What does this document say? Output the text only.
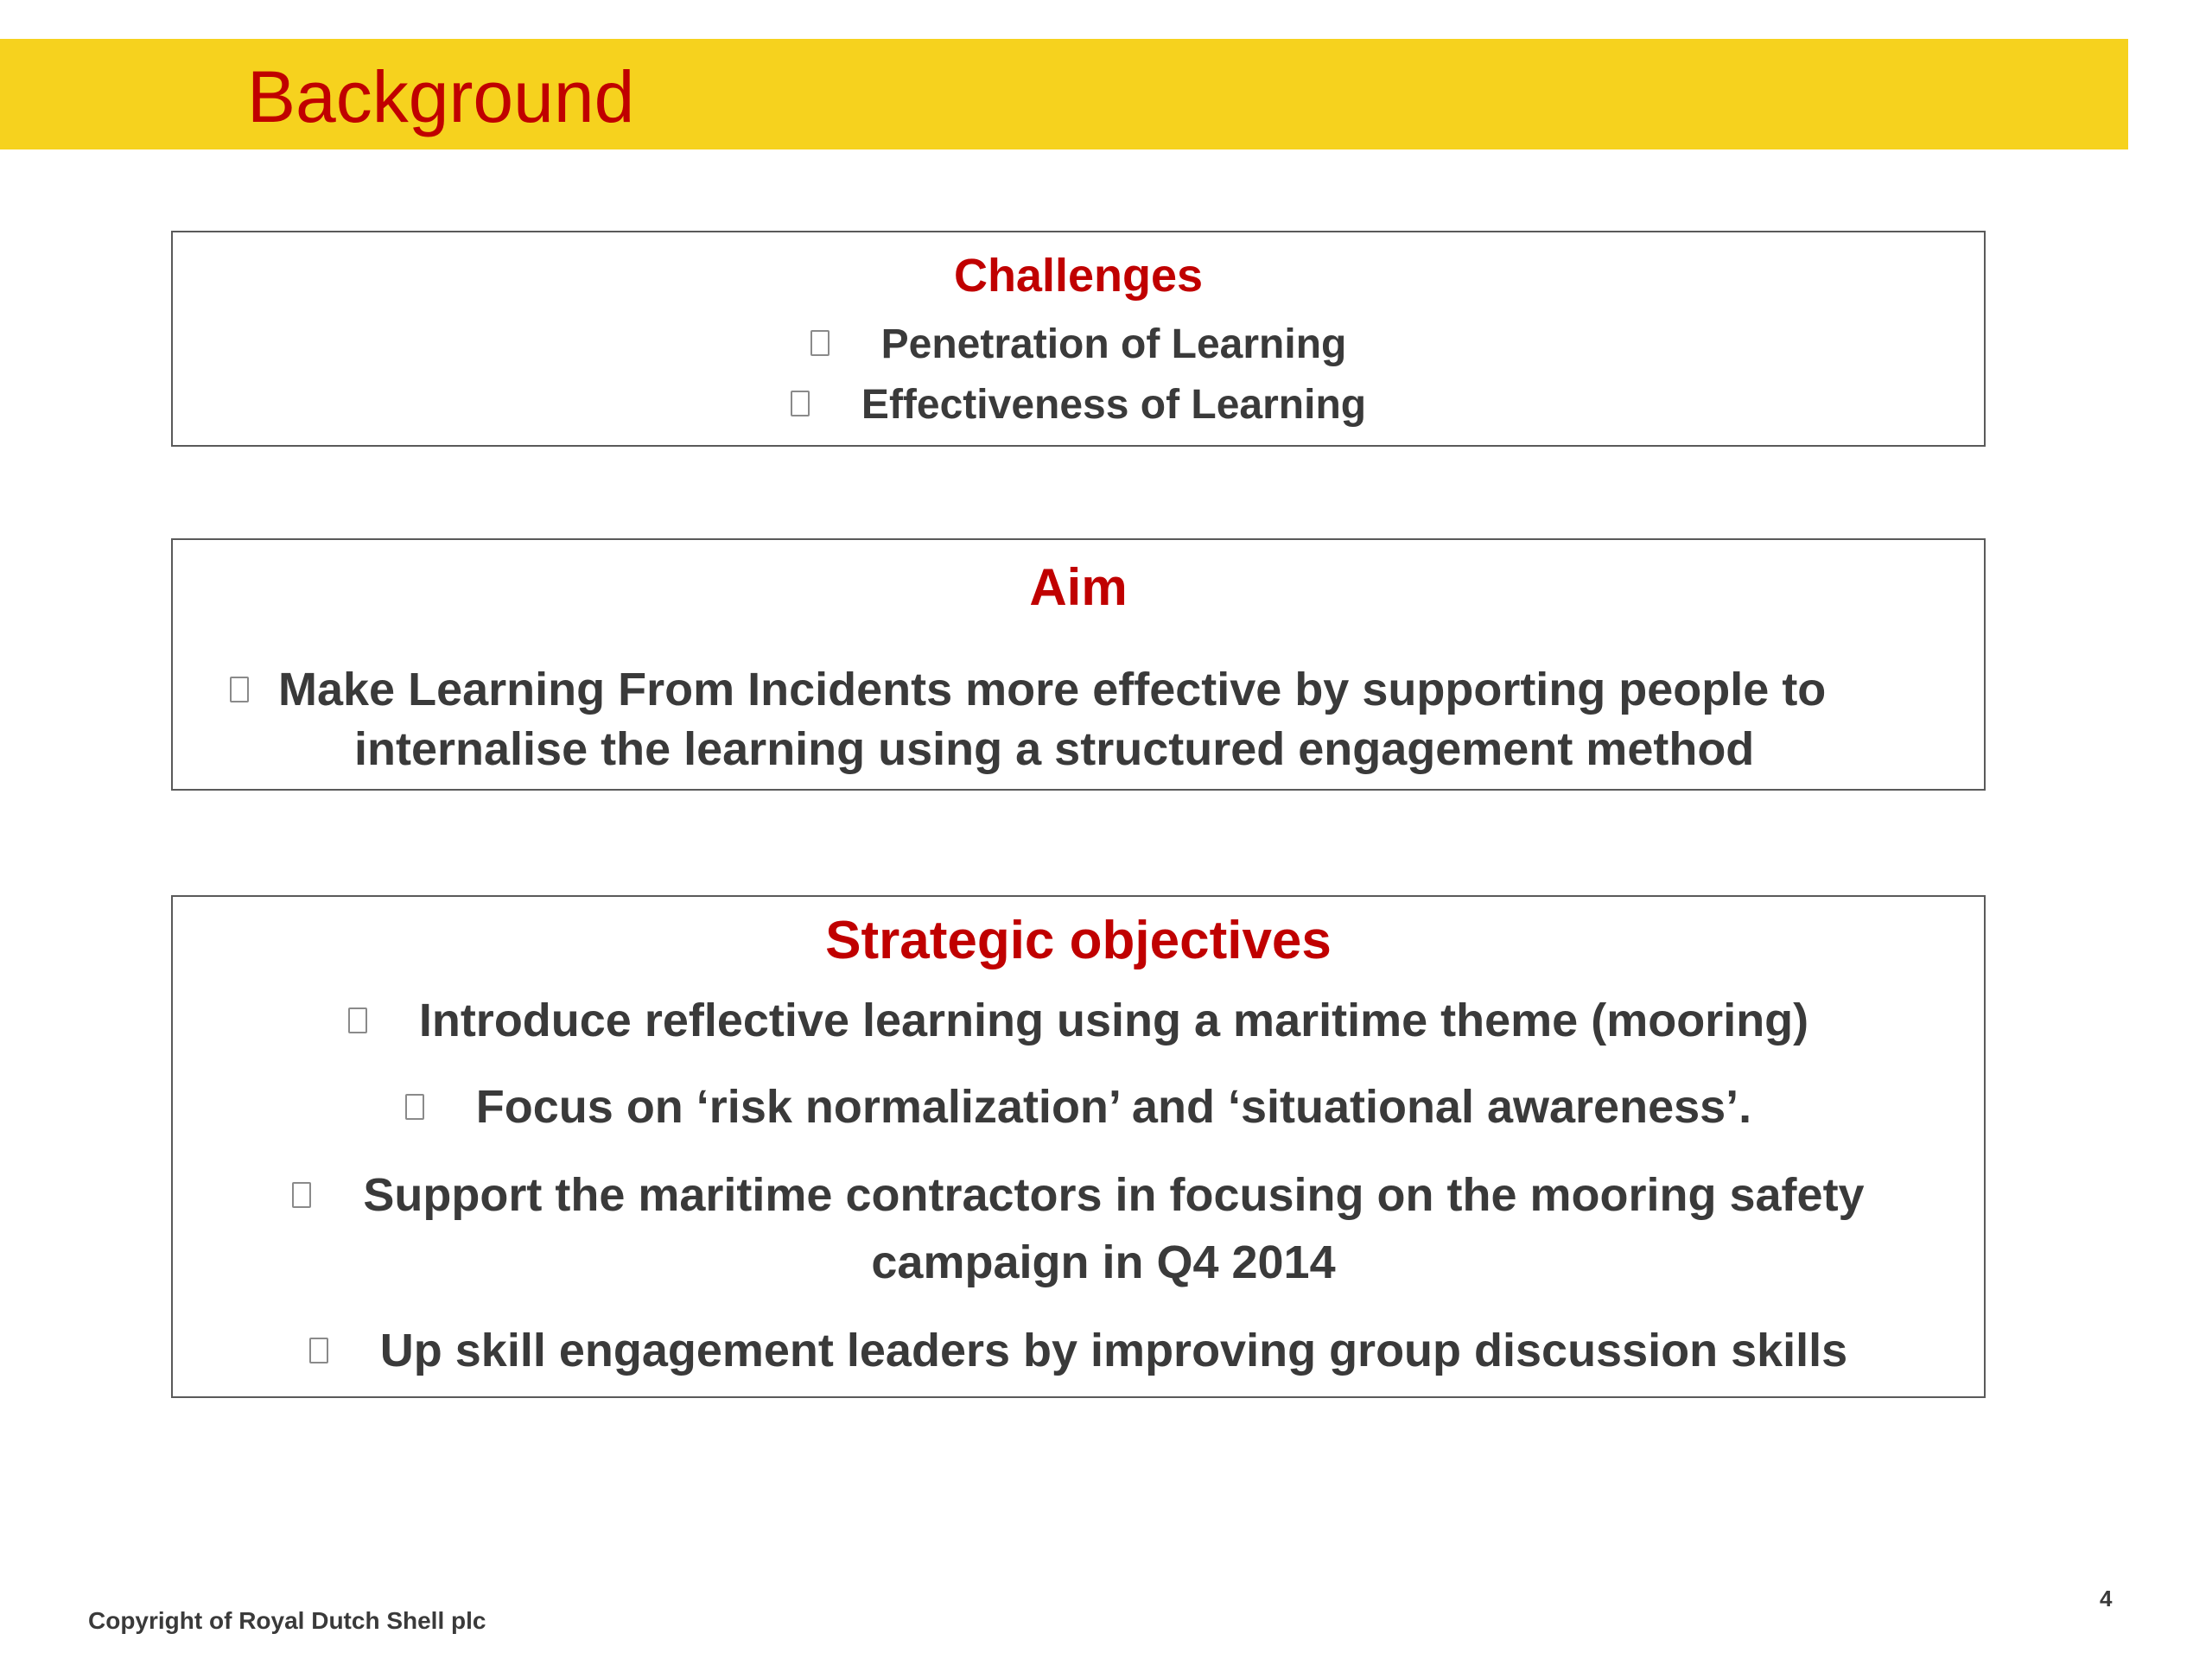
Background
Challenges
Penetration of Learning
Effectiveness of Learning
Aim
Make Learning From Incidents more effective by supporting people to
internalise the learning using a structured engagement method
Strategic objectives
Introduce reflective learning using a maritime theme (mooring)
Focus on ‘risk normalization’ and ‘situational awareness’.
Support the maritime contractors in focusing on the mooring safety
campaign in Q4 2014
Up skill engagement leaders by improving group discussion skills
Copyright of Royal Dutch Shell plc
4
